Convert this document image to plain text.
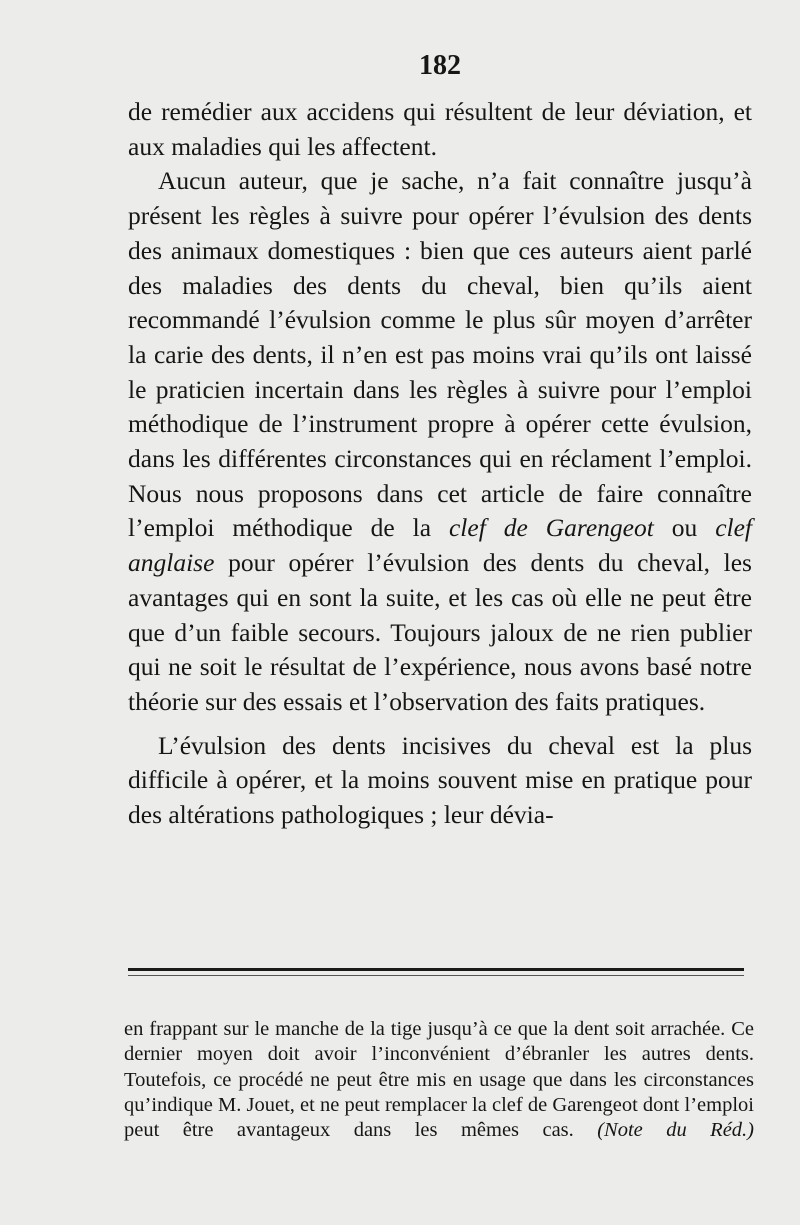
182

de remédier aux accidens qui résultent de leur déviation, et aux maladies qui les affectent.

Aucun auteur, que je sache, n’a fait connaître jusqu’à présent les règles à suivre pour opérer l’évulsion des dents des animaux domestiques : bien que ces auteurs aient parlé des maladies des dents du cheval, bien qu’ils aient recommandé l’évulsion comme le plus sûr moyen d’arrêter la carie des dents, il n’en est pas moins vrai qu’ils ont laissé le praticien incertain dans les règles à suivre pour l’emploi méthodique de l’instrument propre à opérer cette évulsion, dans les différentes circonstances qui en réclament l’emploi. Nous nous proposons dans cet article de faire connaître l’emploi méthodique de la clef de Garengeot ou clef anglaise pour opérer l’évulsion des dents du cheval, les avantages qui en sont la suite, et les cas où elle ne peut être que d’un faible secours. Toujours jaloux de ne rien publier qui ne soit le résultat de l’expérience, nous avons basé notre théorie sur des essais et l’observation des faits pratiques.

L’évulsion des dents incisives du cheval est la plus difficile à opérer, et la moins souvent mise en pratique pour des altérations pathologiques ; leur dévia-

en frappant sur le manche de la tige jusqu’à ce que la dent soit arrachée. Ce dernier moyen doit avoir l’inconvénient d’ébranler les autres dents. Toutefois, ce procédé ne peut être mis en usage que dans les circonstances qu’indique M. Jouet, et ne peut remplacer la clef de Garengeot dont l’emploi peut être avantageux dans les mêmes cas. (Note du Réd.)
